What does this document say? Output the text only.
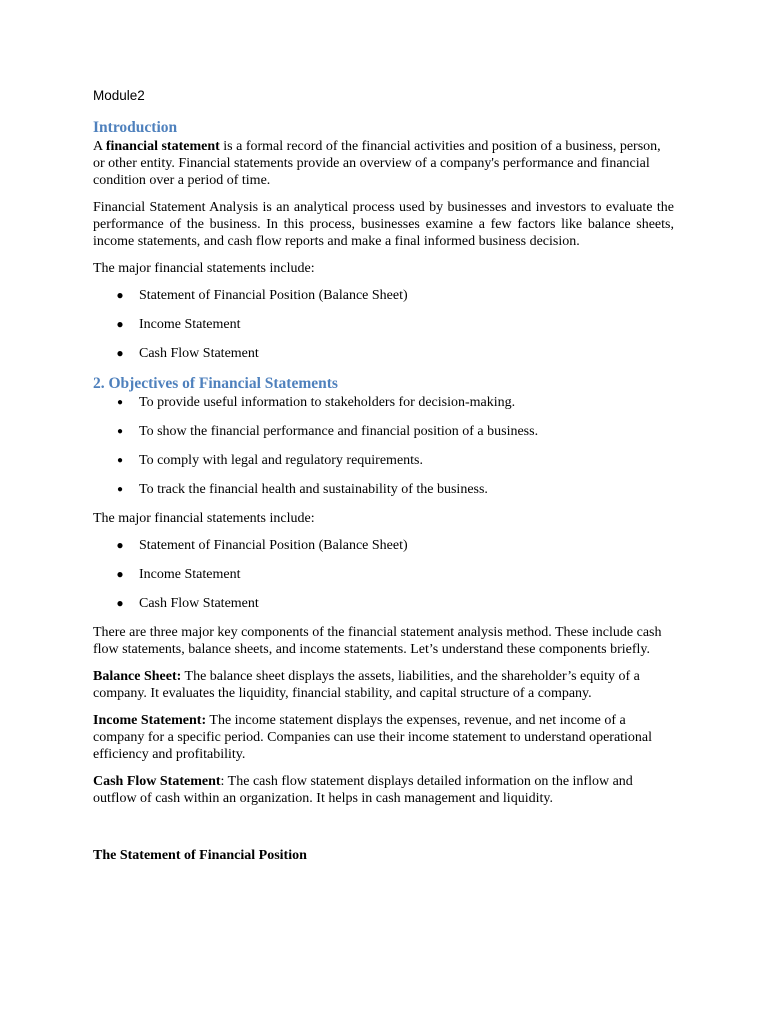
Module2
Introduction

A financial statement is a formal record of the financial activities and position of a business, person, or other entity. Financial statements provide an overview of a company's performance and financial condition over a period of time.

Financial Statement Analysis is an analytical process used by businesses and investors to evaluate the performance of the business. In this process, businesses examine a few factors like balance sheets, income statements, and cash flow reports and make a final informed business decision.

The major financial statements include:

● Statement of Financial Position (Balance Sheet)
● Income Statement
● Cash Flow Statement
2. Objectives of Financial Statements
● To provide useful information to stakeholders for decision-making.
● To show the financial performance and financial position of a business.
● To comply with legal and regulatory requirements.
● To track the financial health and sustainability of the business.

The major financial statements include:

● Statement of Financial Position (Balance Sheet)
● Income Statement
● Cash Flow Statement

There are three major key components of the financial statement analysis method. These include cash flow statements, balance sheets, and income statements. Let’s understand these components briefly.

Balance Sheet: The balance sheet displays the assets, liabilities, and the shareholder’s equity of a company. It evaluates the liquidity, financial stability, and capital structure of a company.

Income Statement: The income statement displays the expenses, revenue, and net income of a company for a specific period. Companies can use their income statement to understand operational efficiency and profitability.

Cash Flow Statement: The cash flow statement displays detailed information on the inflow and outflow of cash within an organization. It helps in cash management and liquidity.

The Statement of Financial Position
